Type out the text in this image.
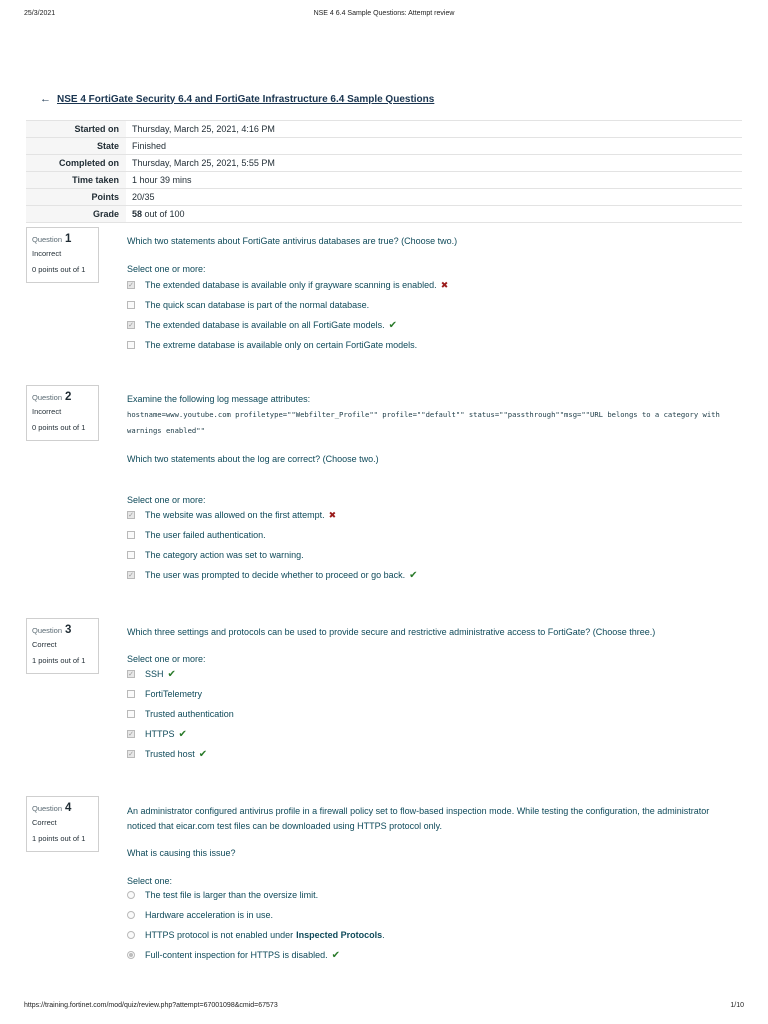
25/3/2021	NSE 4 6.4 Sample Questions: Attempt review
← NSE 4 FortiGate Security 6.4 and FortiGate Infrastructure 6.4 Sample Questions
Started on	Thursday, March 25, 2021, 4:16 PM
State	Finished
Completed on	Thursday, March 25, 2021, 5:55 PM
Time taken	1 hour 39 mins
Points	20/35
Grade	58 out of 100
Question 1
Incorrect
0 points out of 1
Which two statements about FortiGate antivirus databases are true? (Choose two.)
Select one or more:
✓ The extended database is available only if grayware scanning is enabled. ✖
The quick scan database is part of the normal database.
✓ The extended database is available on all FortiGate models. ✔
The extreme database is available only on certain FortiGate models.
Question 2
Incorrect
0 points out of 1
Examine the following log message attributes:
hostname=www.youtube.com profiletype=""Webfilter_Profile"" profile=""default"" status=""passthrough""msg=""URL belongs to a category with warnings enabled""
Which two statements about the log are correct? (Choose two.)
Select one or more:
✓ The website was allowed on the first attempt. ✖
The user failed authentication.
The category action was set to warning.
✓ The user was prompted to decide whether to proceed or go back. ✔
Question 3
Correct
1 points out of 1
Which three settings and protocols can be used to provide secure and restrictive administrative access to FortiGate? (Choose three.)
Select one or more:
✓ SSH ✔
FortiTelemetry
Trusted authentication
✓ HTTPS ✔
✓ Trusted host ✔
Question 4
Correct
1 points out of 1
An administrator configured antivirus profile in a firewall policy set to flow-based inspection mode. While testing the configuration, the administrator noticed that eicar.com test files can be downloaded using HTTPS protocol only.
What is causing this issue?
Select one:
The test file is larger than the oversize limit.
Hardware acceleration is in use.
HTTPS protocol is not enabled under Inspected Protocols .
Full-content inspection for HTTPS is disabled. ✔
https://training.fortinet.com/mod/quiz/review.php?attempt=67001098&cmid=67573	1/10
